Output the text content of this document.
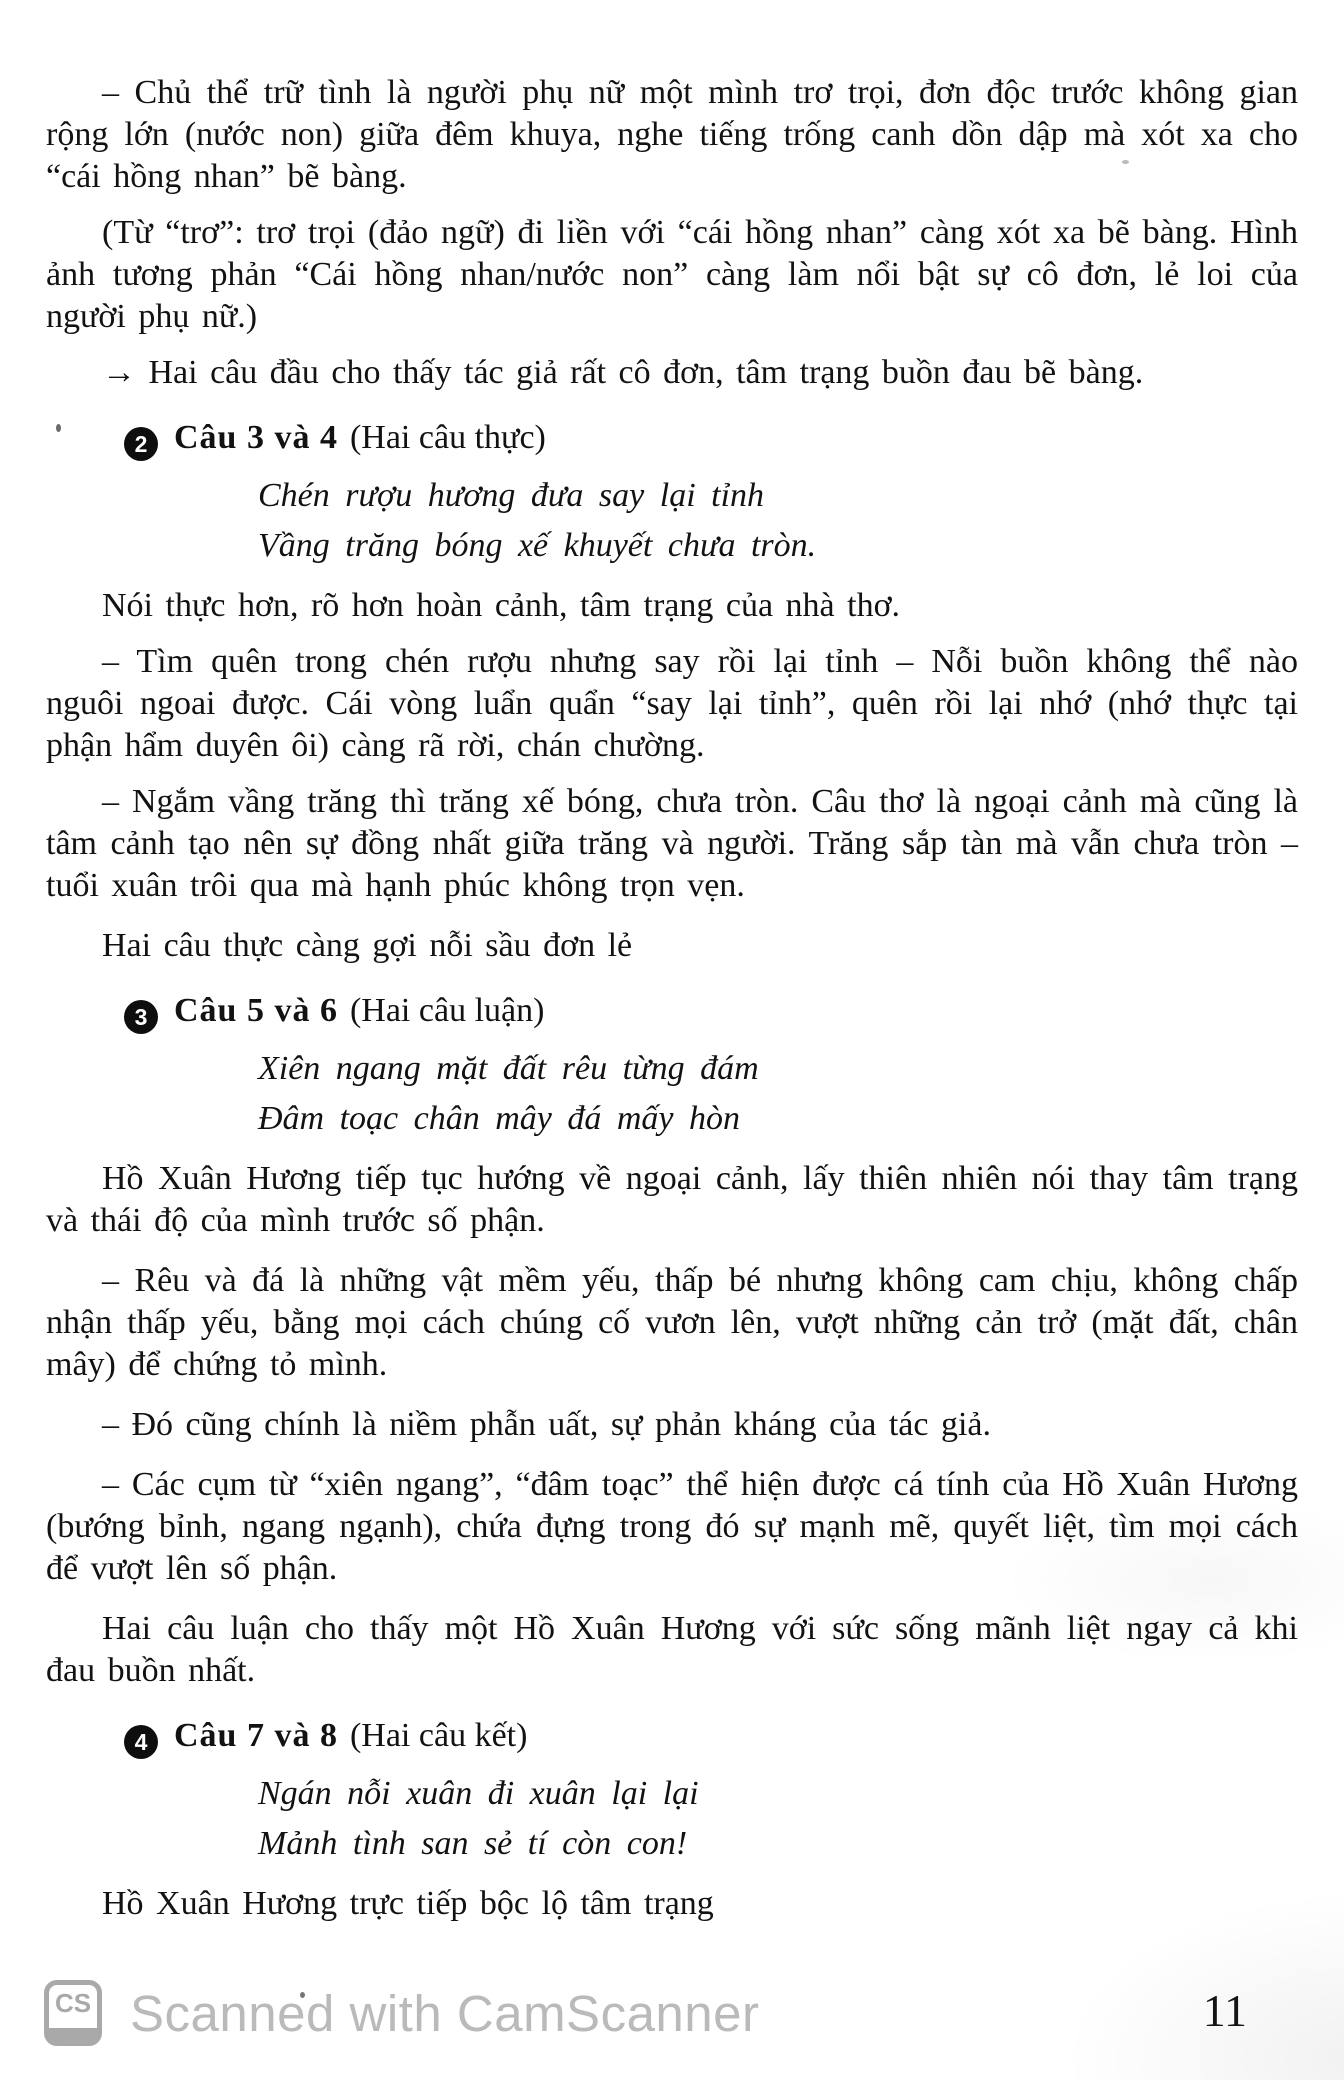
– Chủ thể trữ tình là người phụ nữ một mình trơ trọi, đơn độc trước không gian rộng lớn (nước non) giữa đêm khuya, nghe tiếng trống canh dồn dập mà xót xa cho “cái hồng nhan” bẽ bàng.

(Từ “trơ”: trơ trọi (đảo ngữ) đi liền với “cái hồng nhan” càng xót xa bẽ bàng. Hình ảnh tương phản “Cái hồng nhan/nước non” càng làm nổi bật sự cô đơn, lẻ loi của người phụ nữ.)

→ Hai câu đầu cho thấy tác giả rất cô đơn, tâm trạng buồn đau bẽ bàng.

2 Câu 3 và 4 (Hai câu thực)
Chén rượu hương đưa say lại tỉnh
Vầng trăng bóng xế khuyết chưa tròn.

Nói thực hơn, rõ hơn hoàn cảnh, tâm trạng của nhà thơ.

– Tìm quên trong chén rượu nhưng say rồi lại tỉnh – Nỗi buồn không thể nào nguôi ngoai được. Cái vòng luẩn quẩn “say lại tỉnh”, quên rồi lại nhớ (nhớ thực tại phận hẩm duyên ôi) càng rã rời, chán chường.

– Ngắm vầng trăng thì trăng xế bóng, chưa tròn. Câu thơ là ngoại cảnh mà cũng là tâm cảnh tạo nên sự đồng nhất giữa trăng và người. Trăng sắp tàn mà vẫn chưa tròn – tuổi xuân trôi qua mà hạnh phúc không trọn vẹn.

Hai câu thực càng gợi nỗi sầu đơn lẻ

3 Câu 5 và 6 (Hai câu luận)
Xiên ngang mặt đất rêu từng đám
Đâm toạc chân mây đá mấy hòn

Hồ Xuân Hương tiếp tục hướng về ngoại cảnh, lấy thiên nhiên nói thay tâm trạng và thái độ của mình trước số phận.

– Rêu và đá là những vật mềm yếu, thấp bé nhưng không cam chịu, không chấp nhận thấp yếu, bằng mọi cách chúng cố vươn lên, vượt những cản trở (mặt đất, chân mây) để chứng tỏ mình.

– Đó cũng chính là niềm phẫn uất, sự phản kháng của tác giả.

– Các cụm từ “xiên ngang”, “đâm toạc” thể hiện được cá tính của Hồ Xuân Hương (bướng bỉnh, ngang ngạnh), chứa đựng trong đó sự mạnh mẽ, quyết liệt, tìm mọi cách để vượt lên số phận.

Hai câu luận cho thấy một Hồ Xuân Hương với sức sống mãnh liệt ngay cả khi đau buồn nhất.

4 Câu 7 và 8 (Hai câu kết)
Ngán nỗi xuân đi xuân lại lại
Mảnh tình san sẻ tí còn con!

Hồ Xuân Hương trực tiếp bộc lộ tâm trạng

CS Scanned with CamScanner	11
